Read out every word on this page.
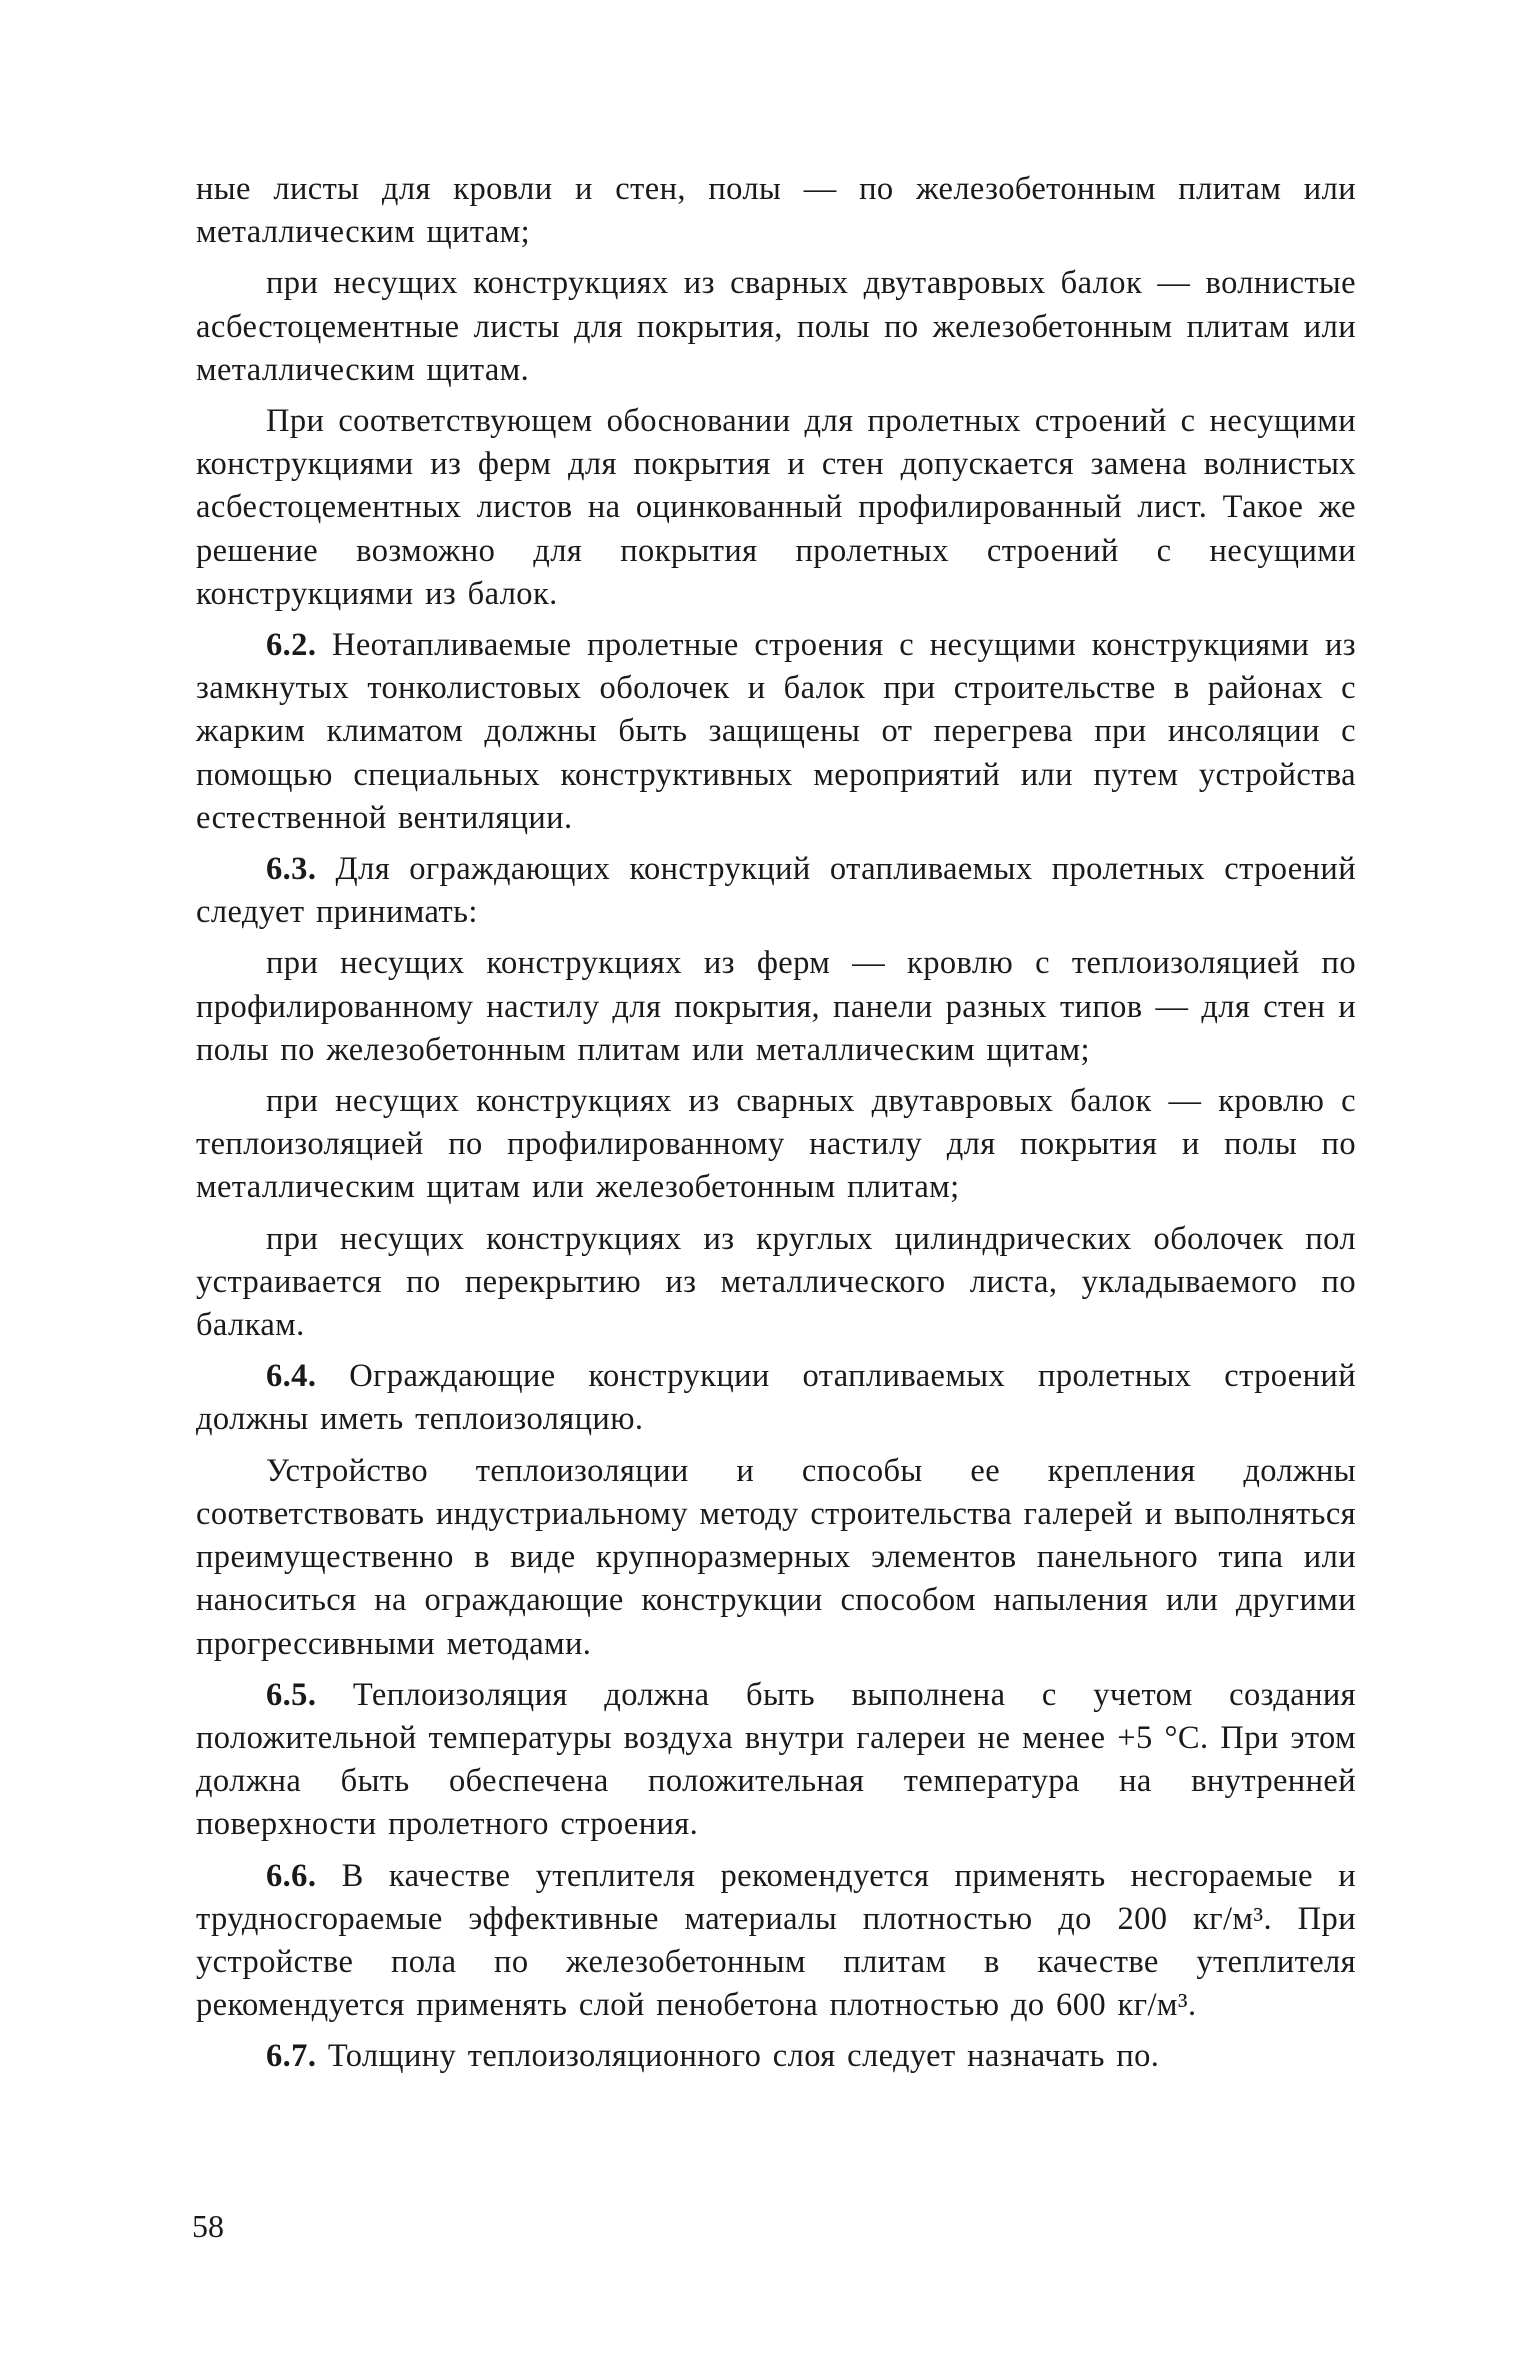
ные листы для кровли и стен, полы — по железобетонным плитам или металлическим щитам;

при несущих конструкциях из сварных двутавровых балок — волнистые асбестоцементные листы для покрытия, полы по железобетонным плитам или металлическим щитам.

При соответствующем обосновании для пролетных строений с несущими конструкциями из ферм для покрытия и стен допускается замена волнистых асбестоцементных листов на оцинкованный профилированный лист. Такое же решение возможно для покрытия пролетных строений с несущими конструкциями из балок.

6.2. Неотапливаемые пролетные строения с несущими конструкциями из замкнутых тонколистовых оболочек и балок при строительстве в районах с жарким климатом должны быть защищены от перегрева при инсоляции с помощью специальных конструктивных мероприятий или путем устройства естественной вентиляции.

6.3. Для ограждающих конструкций отапливаемых пролетных строений следует принимать:

при несущих конструкциях из ферм — кровлю с теплоизоляцией по профилированному настилу для покрытия, панели разных типов — для стен и полы по железобетонным плитам или металлическим щитам;

при несущих конструкциях из сварных двутавровых балок — кровлю с теплоизоляцией по профилированному настилу для покрытия и полы по металлическим щитам или железобетонным плитам;

при несущих конструкциях из круглых цилиндрических оболочек пол устраивается по перекрытию из металлического листа, укладываемого по балкам.

6.4. Ограждающие конструкции отапливаемых пролетных строений должны иметь теплоизоляцию.

Устройство теплоизоляции и способы ее крепления должны соответствовать индустриальному методу строительства галерей и выполняться преимущественно в виде крупноразмерных элементов панельного типа или наноситься на ограждающие конструкции способом напыления или другими прогрессивными методами.

6.5. Теплоизоляция должна быть выполнена с учетом создания положительной температуры воздуха внутри галереи не менее +5 °С. При этом должна быть обеспечена положительная температура на внутренней поверхности пролетного строения.

6.6. В качестве утеплителя рекомендуется применять несгораемые и трудносгораемые эффективные материалы плотностью до 200 кг/м³. При устройстве пола по железобетонным плитам в качестве утеплителя рекомендуется применять слой пенобетона плотностью до 600 кг/м³.

6.7. Толщину теплоизоляционного слоя следует назначать по.

58
